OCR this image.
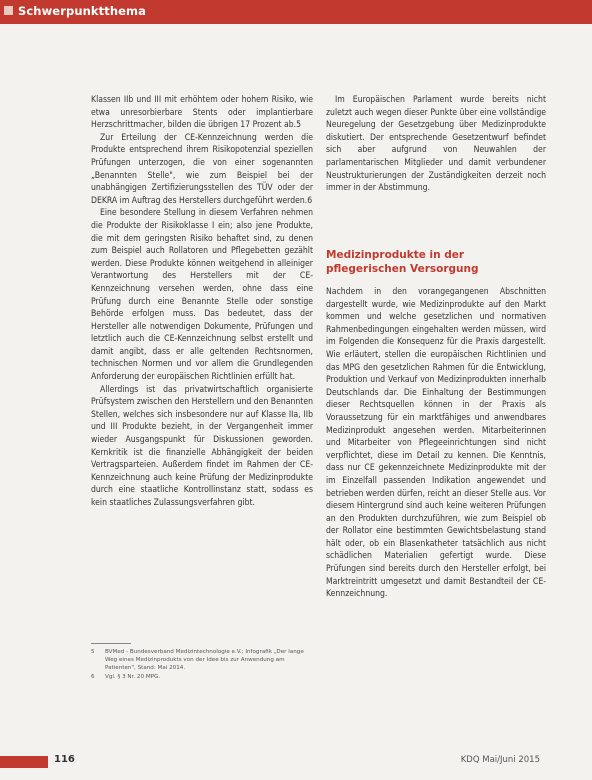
Schwerpunktthema

Klassen IIb und III mit erhöhtem oder hohem Risiko, wie etwa unresorbierbare Stents oder implantierbare Herzschrittmacher, bilden die übrigen 17 Prozent ab.5

Zur Erteilung der CE-Kennzeichnung werden die Produkte entsprechend ihrem Risikopotenzial speziellen Prüfungen unterzogen, die von einer sogenannten „Benannten Stelle", wie zum Beispiel bei der unabhängigen Zertifizierungsstellen des TÜV oder der DEKRA im Auftrag des Herstellers durchgeführt werden.6

Eine besondere Stellung in diesem Verfahren nehmen die Produkte der Risikoklasse I ein; also jene Produkte, die mit dem geringsten Risiko behaftet sind, zu denen zum Beispiel auch Rollatoren und Pflegebetten gezählt werden. Diese Produkte können weitgehend in alleiniger Verantwortung des Herstellers mit der CE-Kennzeichnung versehen werden, ohne dass eine Prüfung durch eine Benannte Stelle oder sonstige Behörde erfolgen muss. Das bedeutet, dass der Hersteller alle notwendigen Dokumente, Prüfungen und letztlich auch die CE-Kennzeichnung selbst erstellt und damit angibt, dass er alle geltenden Rechtsnormen, technischen Normen und vor allem die Grundlegenden Anforderung der europäischen Richtlinien erfüllt hat.

Allerdings ist das privatwirtschaftlich organisierte Prüfsystem zwischen den Herstellern und den Benannten Stellen, welches sich insbesondere nur auf Klasse IIa, IIb und III Produkte bezieht, in der Vergangenheit immer wieder Ausgangspunkt für Diskussionen geworden. Kernkritik ist die finanzielle Abhängigkeit der beiden Vertragsparteien. Außerdem findet im Rahmen der CE-Kennzeichnung auch keine Prüfung der Medizinprodukte durch eine staatliche Kontrollinstanz statt, sodass es kein staatliches Zulassungsverfahren gibt.

5	BVMed - Bundesverband Medizintechnologie e.V.; Infografik „Der lange Weg eines Medizinprodukts von der Idee bis zur Anwendung am Patienten", Stand: Mai 2014.
6	Vgl. § 3 Nr. 20 MPG.

Im Europäischen Parlament wurde bereits nicht zuletzt auch wegen dieser Punkte über eine vollständige Neuregelung der Gesetzgebung über Medizinprodukte diskutiert. Der entsprechende Gesetzentwurf befindet sich aber aufgrund von Neuwahlen der parlamentarischen Mitglieder und damit verbundener Neustrukturierungen der Zuständigkeiten derzeit noch immer in der Abstimmung.

Medizinprodukte in der pflegerischen Versorgung

Nachdem in den vorangegangenen Abschnitten dargestellt wurde, wie Medizinprodukte auf den Markt kommen und welche gesetzlichen und normativen Rahmenbedingungen eingehalten werden müssen, wird im Folgenden die Konsequenz für die Praxis dargestellt. Wie erläutert, stellen die europäischen Richtlinien und das MPG den gesetzlichen Rahmen für die Entwicklung, Produktion und Verkauf von Medizinprodukten innerhalb Deutschlands dar. Die Einhaltung der Bestimmungen dieser Rechtsquellen können in der Praxis als Voraussetzung für ein marktfähiges und anwendbares Medizinprodukt angesehen werden. Mitarbeiterinnen und Mitarbeiter von Pflegeeinrichtungen sind nicht verpflichtet, diese im Detail zu kennen. Die Kenntnis, dass nur CE gekennzeichnete Medizinprodukte mit der im Einzelfall passenden Indikation angewendet und betrieben werden dürfen, reicht an dieser Stelle aus. Vor diesem Hintergrund sind auch keine weiteren Prüfungen an den Produkten durchzuführen, wie zum Beispiel ob der Rollator eine bestimmten Gewichtsbelastung stand hält oder, ob ein Blasenkatheter tatsächlich aus nicht schädlichen Materialien gefertigt wurde. Diese Prüfungen sind bereits durch den Hersteller erfolgt, bei Marktreintritt umgesetzt und damit Bestandteil der CE-Kennzeichnung.

116	KDQ Mai/Juni 2015
